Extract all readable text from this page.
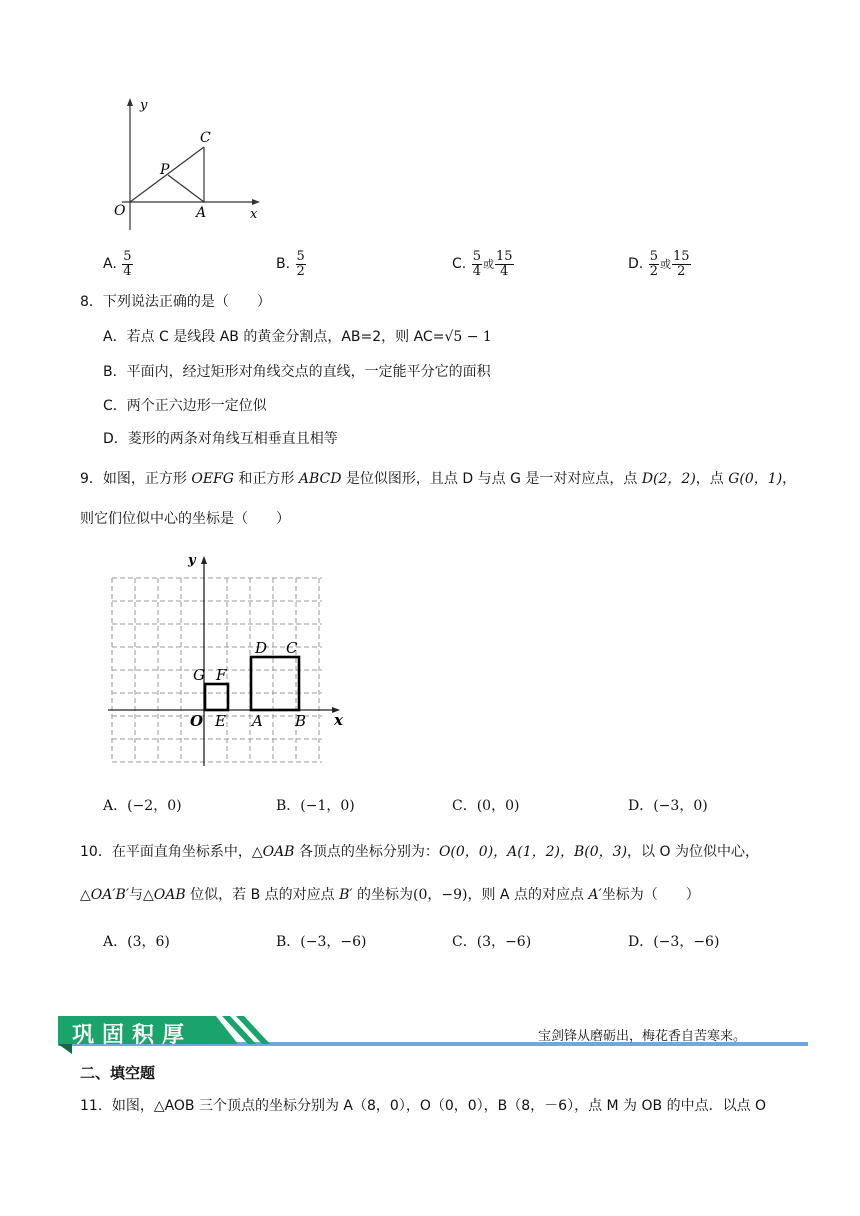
y
C
P
O	A	x
A. $\frac{5}{4}$	B. $\frac{5}{2}$	C. $\frac{5}{4}$ 或 $\frac{15}{4}$	D. $\frac{5}{2}$ 或 $\frac{15}{2}$
8．下列说法正确的是（　　）
A．若点 C 是线段 AB 的黄金分割点，AB=2，则 AC=√5 − 1
B．平面内，经过矩形对角线交点的直线，一定能平分它的面积
C．两个正六边形一定位似
D．菱形的两条对角线互相垂直且相等
9．如图，正方形 OEFG 和正方形 ABCD 是位似图形，且点 D 与点 G 是一对对应点，点 D(2，2)，点 G(0，1)，
则它们位似中心的坐标是（　　）
y
D C
G F
O E A B x
A．(−2，0)	B．(−1，0)	C．(0，0)	D．(−3，0)
10．在平面直角坐标系中，△OAB 各顶点的坐标分别为：O(0，0)，A(1，2)，B(0，3)，以 O 为位似中心，
△OA′B′与△OAB 位似，若 B 点的对应点 B′ 的坐标为(0，−9)，则 A 点的对应点 A′坐标为（　　）
A．(3，6)	B．(−3，−6)	C．(3，−6)	D．(−3，−6)
巩固积厚	宝剑锋从磨砺出，梅花香自苦寒来。
二、填空题
11．如图，△AOB 三个顶点的坐标分别为 A（8，0），O（0，0），B（8，－6），点 M 为 OB 的中点．以点 O
